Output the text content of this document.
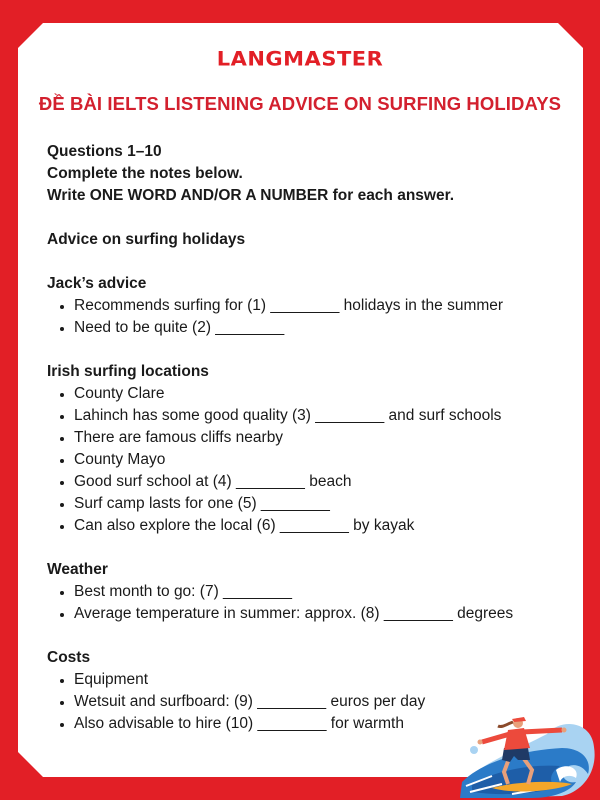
LANGMASTER
ĐỀ BÀI IELTS LISTENING ADVICE ON SURFING HOLIDAYS
Questions 1–10
Complete the notes below.
Write ONE WORD AND/OR A NUMBER for each answer.
Advice on surfing holidays
Jack’s advice
Recommends surfing for (1) ________ holidays in the summer
Need to be quite (2) ________
Irish surfing locations
County Clare
Lahinch has some good quality (3) ________ and surf schools
There are famous cliffs nearby
County Mayo
Good surf school at (4) ________ beach
Surf camp lasts for one (5) ________
Can also explore the local (6) ________ by kayak
Weather
Best month to go: (7) ________
Average temperature in summer: approx. (8) ________ degrees
Costs
Equipment
Wetsuit and surfboard: (9) ________ euros per day
Also advisable to hire (10) ________ for warmth
